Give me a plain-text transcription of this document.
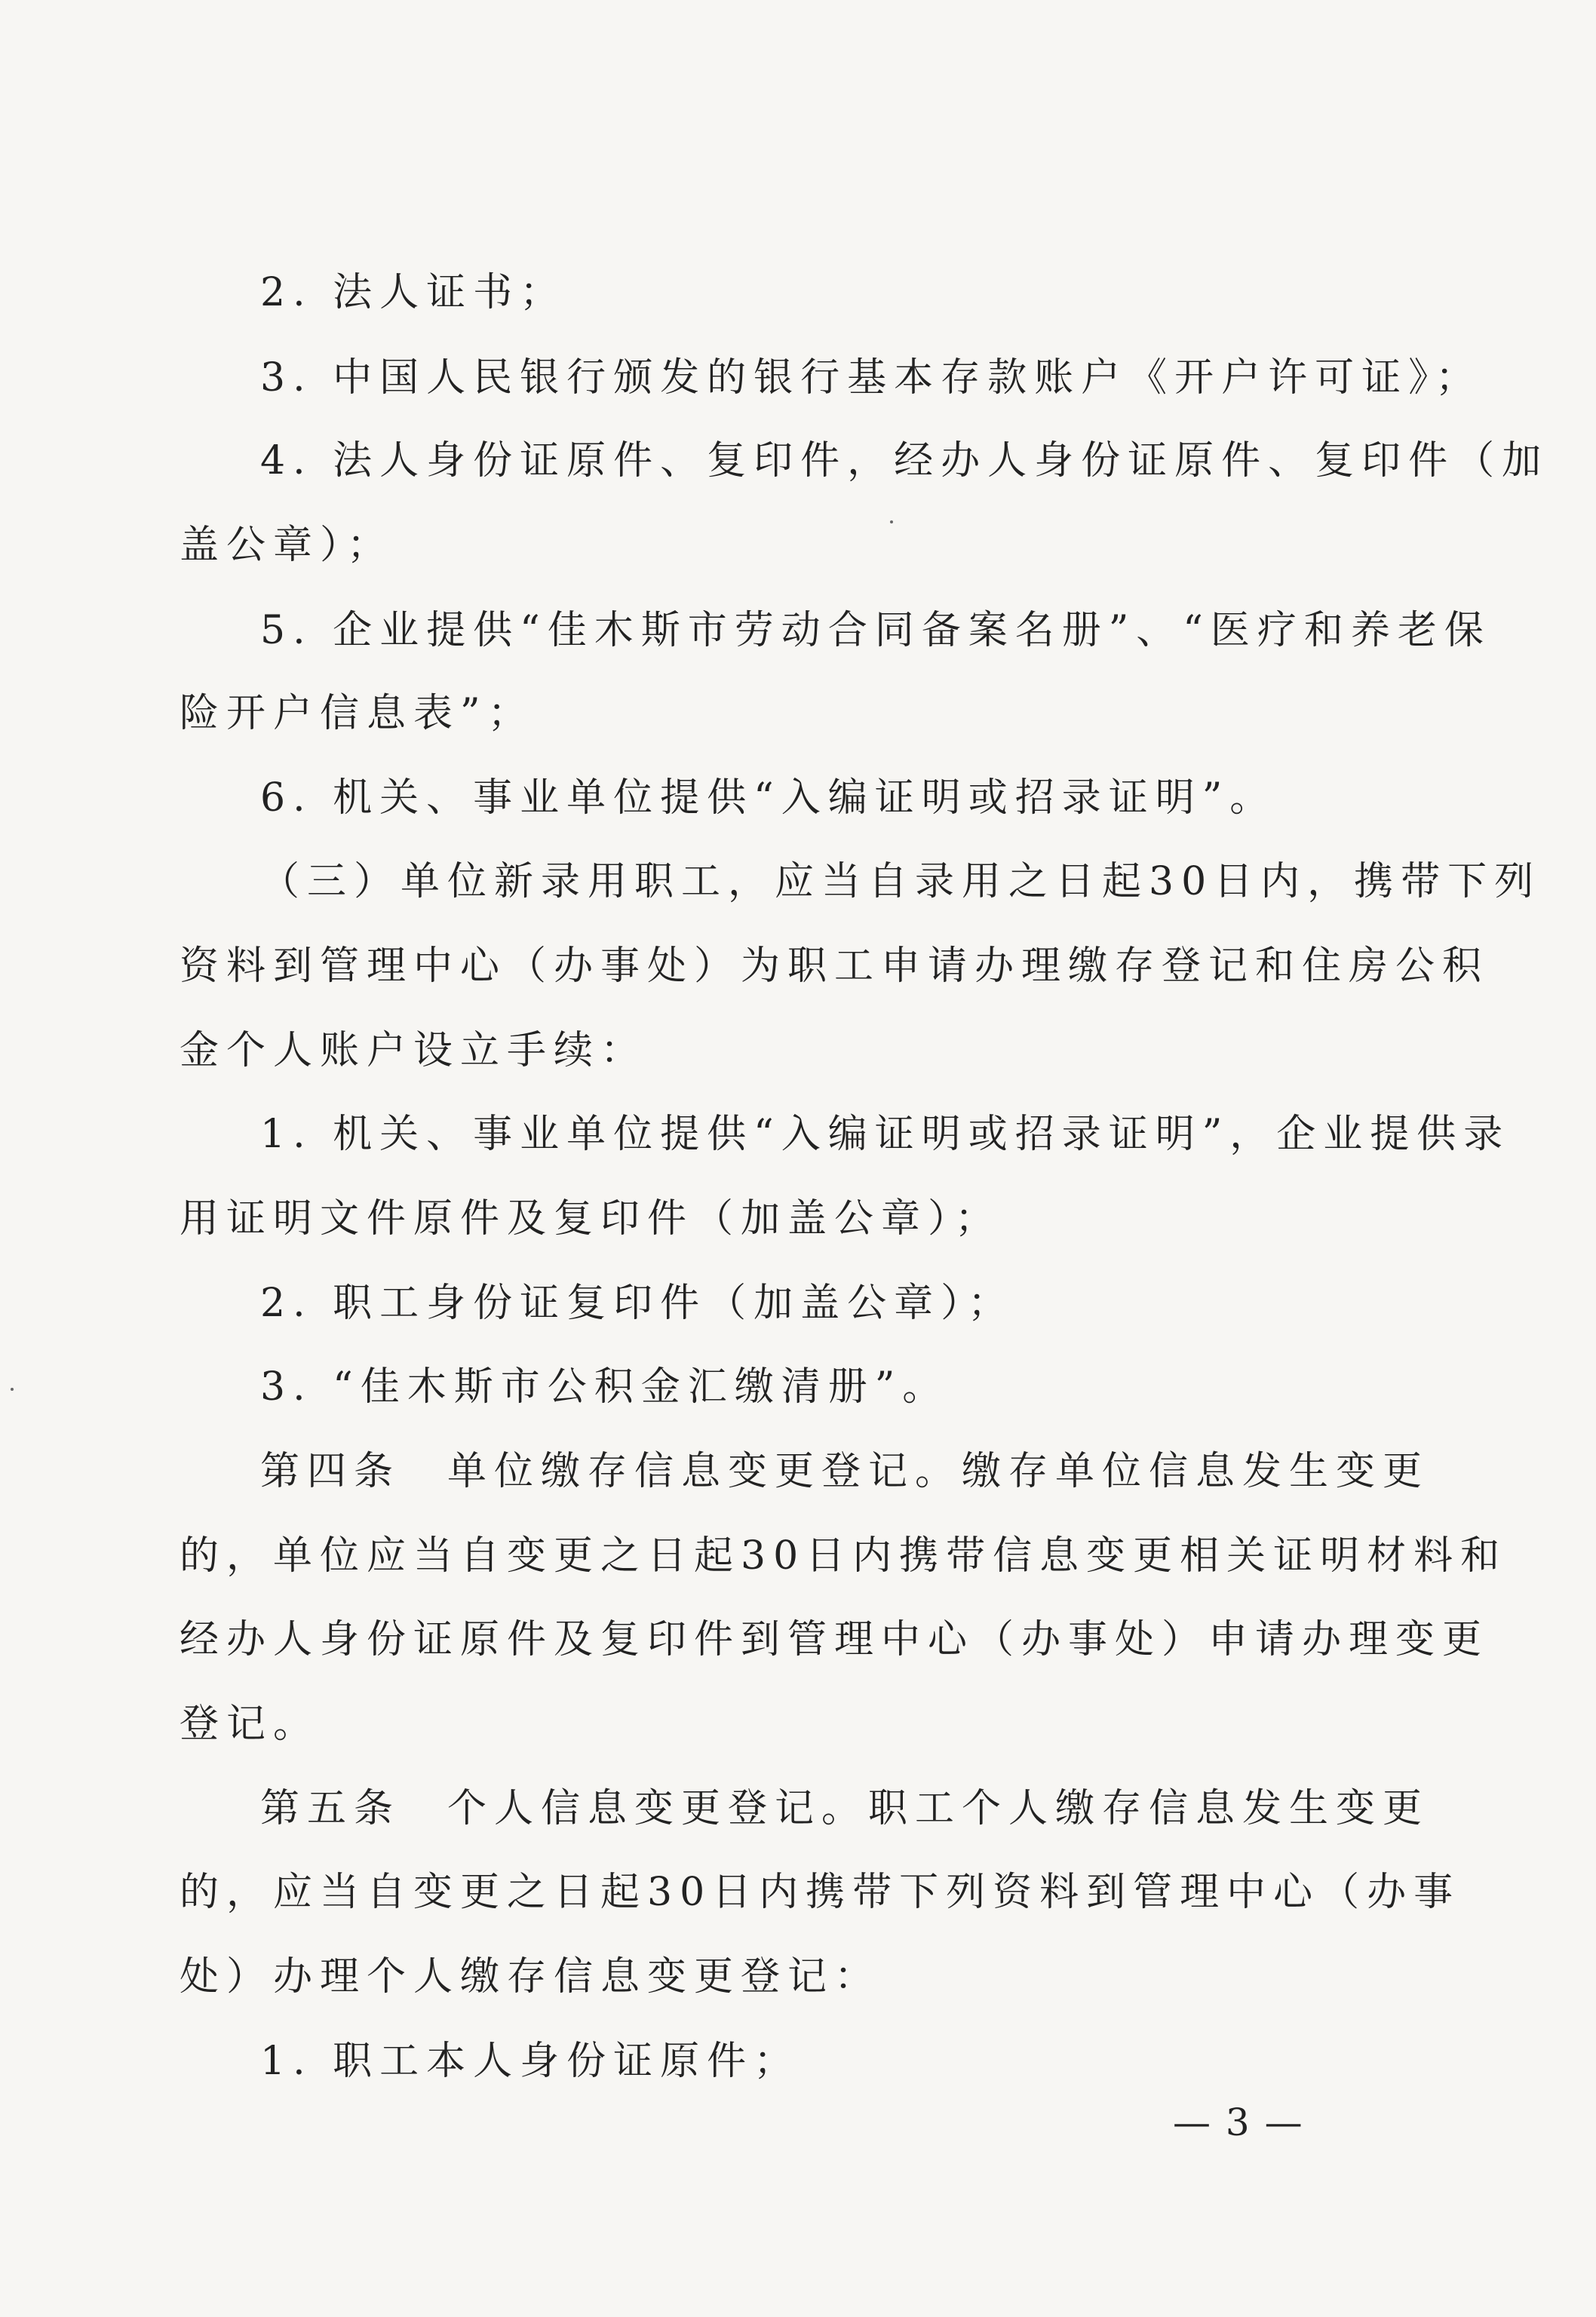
2. 法人证书；
3. 中国人民银行颁发的银行基本存款账户《开户许可证》；
4. 法人身份证原件、复印件，经办人身份证原件、复印件（加
盖公章）；
5. 企业提供“佳木斯市劳动合同备案名册”、“医疗和养老保
险开户信息表”；
6. 机关、事业单位提供“入编证明或招录证明”。
（三）单位新录用职工，应当自录用之日起30日内，携带下列
资料到管理中心（办事处）为职工申请办理缴存登记和住房公积
金个人账户设立手续：
1. 机关、事业单位提供“入编证明或招录证明”，企业提供录
用证明文件原件及复印件（加盖公章）；
2. 职工身份证复印件（加盖公章）；
3. “佳木斯市公积金汇缴清册”。
第四条　单位缴存信息变更登记。缴存单位信息发生变更
的，单位应当自变更之日起30日内携带信息变更相关证明材料和
经办人身份证原件及复印件到管理中心（办事处）申请办理变更
登记。
第五条　个人信息变更登记。职工个人缴存信息发生变更
的，应当自变更之日起30日内携带下列资料到管理中心（办事
处）办理个人缴存信息变更登记：
1. 职工本人身份证原件；
— 3 —
